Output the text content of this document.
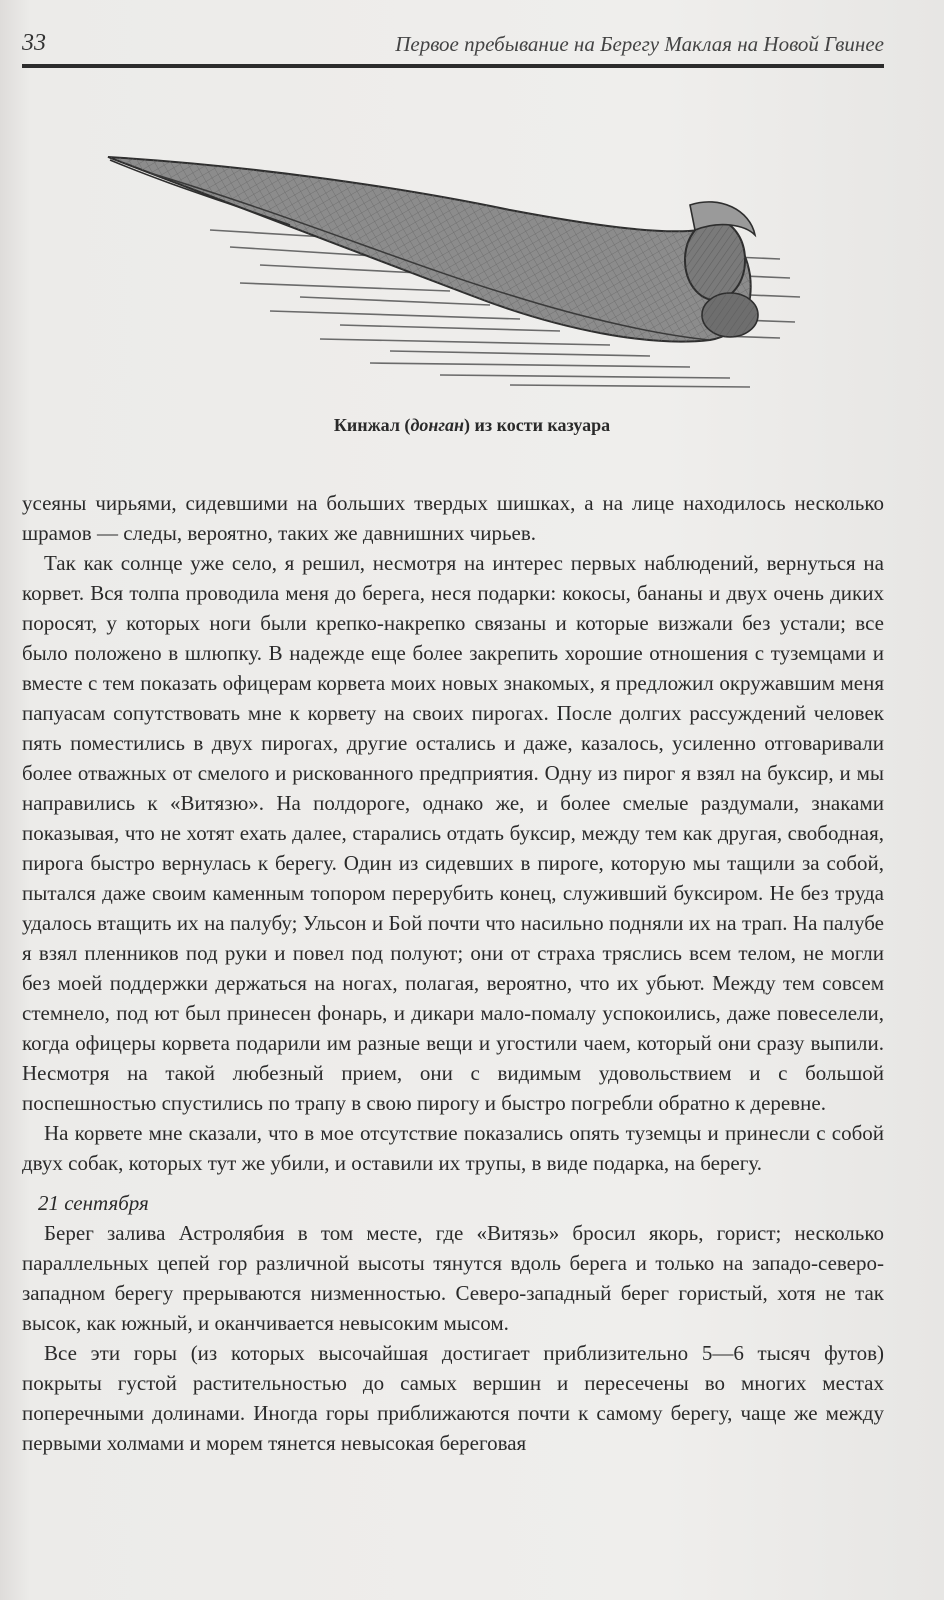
33	Первое пребывание на Берегу Маклая на Новой Гвинее
Кинжал (донган) из кости казуара

усеяны чирьями, сидевшими на больших твердых шишках, а на лице находилось несколько шрамов — следы, вероятно, таких же давнишних чирьев.

Так как солнце уже село, я решил, несмотря на интерес первых наблюдений, вернуться на корвет. Вся толпа проводила меня до берега, неся подарки: кокосы, бананы и двух очень диких поросят, у которых ноги были крепко-накрепко связаны и которые визжали без устали; все было положено в шлюпку. В надежде еще более закрепить хорошие отношения с туземцами и вместе с тем показать офицерам корвета моих новых знакомых, я предложил окружавшим меня папуасам сопутствовать мне к корвету на своих пирогах. После долгих рассуждений человек пять поместились в двух пирогах, другие остались и даже, казалось, усиленно отговаривали более отважных от смелого и рискованного предприятия. Одну из пирог я взял на буксир, и мы направились к «Витязю». На полдороге, однако же, и более смелые раздумали, знаками показывая, что не хотят ехать далее, старались отдать буксир, между тем как другая, свободная, пирога быстро вернулась к берегу. Один из сидевших в пироге, которую мы тащили за собой, пытался даже своим каменным топором перерубить конец, служивший буксиром. Не без труда удалось втащить их на палубу; Ульсон и Бой почти что насильно подняли их на трап. На палубе я взял пленников под руки и повел под полуют; они от страха тряслись всем телом, не могли без моей поддержки держаться на ногах, полагая, вероятно, что их убьют. Между тем совсем стемнело, под ют был принесен фонарь, и дикари мало-помалу успокоились, даже повеселели, когда офицеры корвета подарили им разные вещи и угостили чаем, который они сразу выпили. Несмотря на такой любезный прием, они с видимым удовольствием и с большой поспешностью спустились по трапу в свою пирогу и быстро погребли обратно к деревне.

На корвете мне сказали, что в мое отсутствие показались опять туземцы и принесли с собой двух собак, которых тут же убили, и оставили их трупы, в виде подарка, на берегу.

21 сентября

Берег залива Астролябия в том месте, где «Витязь» бросил якорь, горист; несколько параллельных цепей гор различной высоты тянутся вдоль берега и только на западо-северо-западном берегу прерываются низменностью. Северо-западный берег гористый, хотя не так высок, как южный, и оканчивается невысоким мысом.

Все эти горы (из которых высочайшая достигает приблизительно 5—6 тысяч футов) покрыты густой растительностью до самых вершин и пересечены во многих местах поперечными долинами. Иногда горы приближаются почти к самому берегу, чаще же между первыми холмами и морем тянется невысокая береговая
